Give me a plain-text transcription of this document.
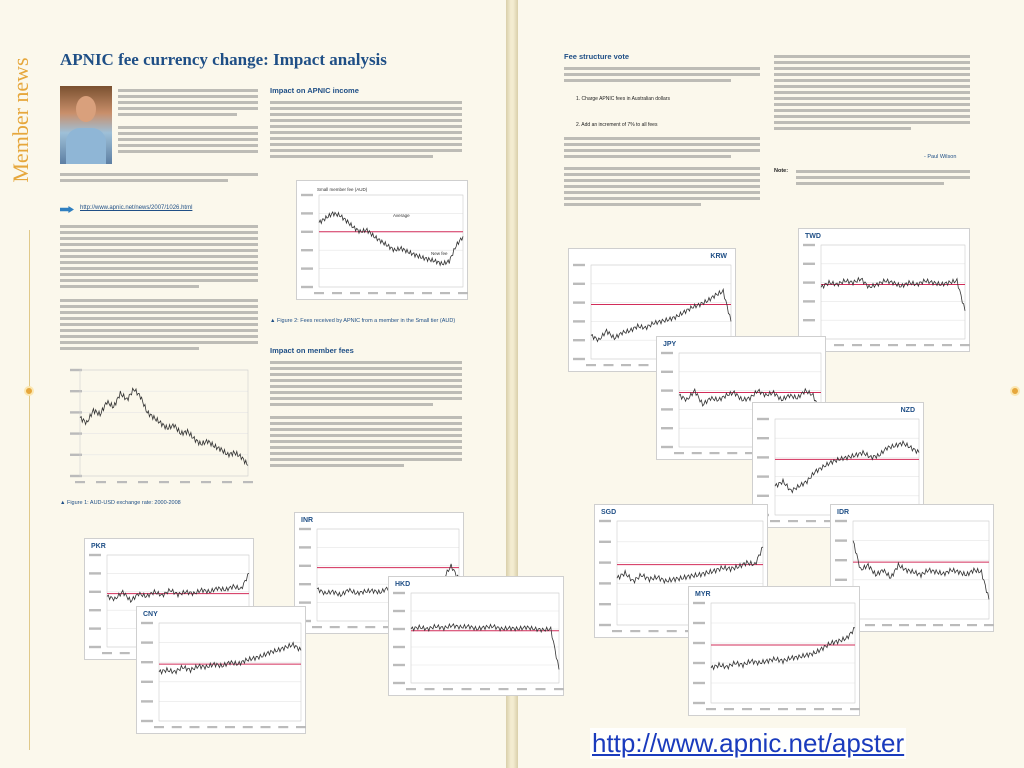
Member news APNIC fee currency change: Impact analysis
http://www.apnic.net/news/2007/1026.html
▲ Figure 1: AUD-USD exchange rate: 2000-2008
Impact on APNIC income
Small member fee (AUD)
Average
New fee
▲ Figure 2: Fees received by APNIC from a member in the Small tier (AUD)
Impact on member fees
Fee structure vote
1. Charge APNIC fees in Australian dollars
2. Add an increment of 7% to all fees
- Paul Wilson
Note:
PKR
INR
CNY
HKD
KRW
TWD
JPY
NZD
SGD	IDR
MYR
http://www.apnic.net/apster
